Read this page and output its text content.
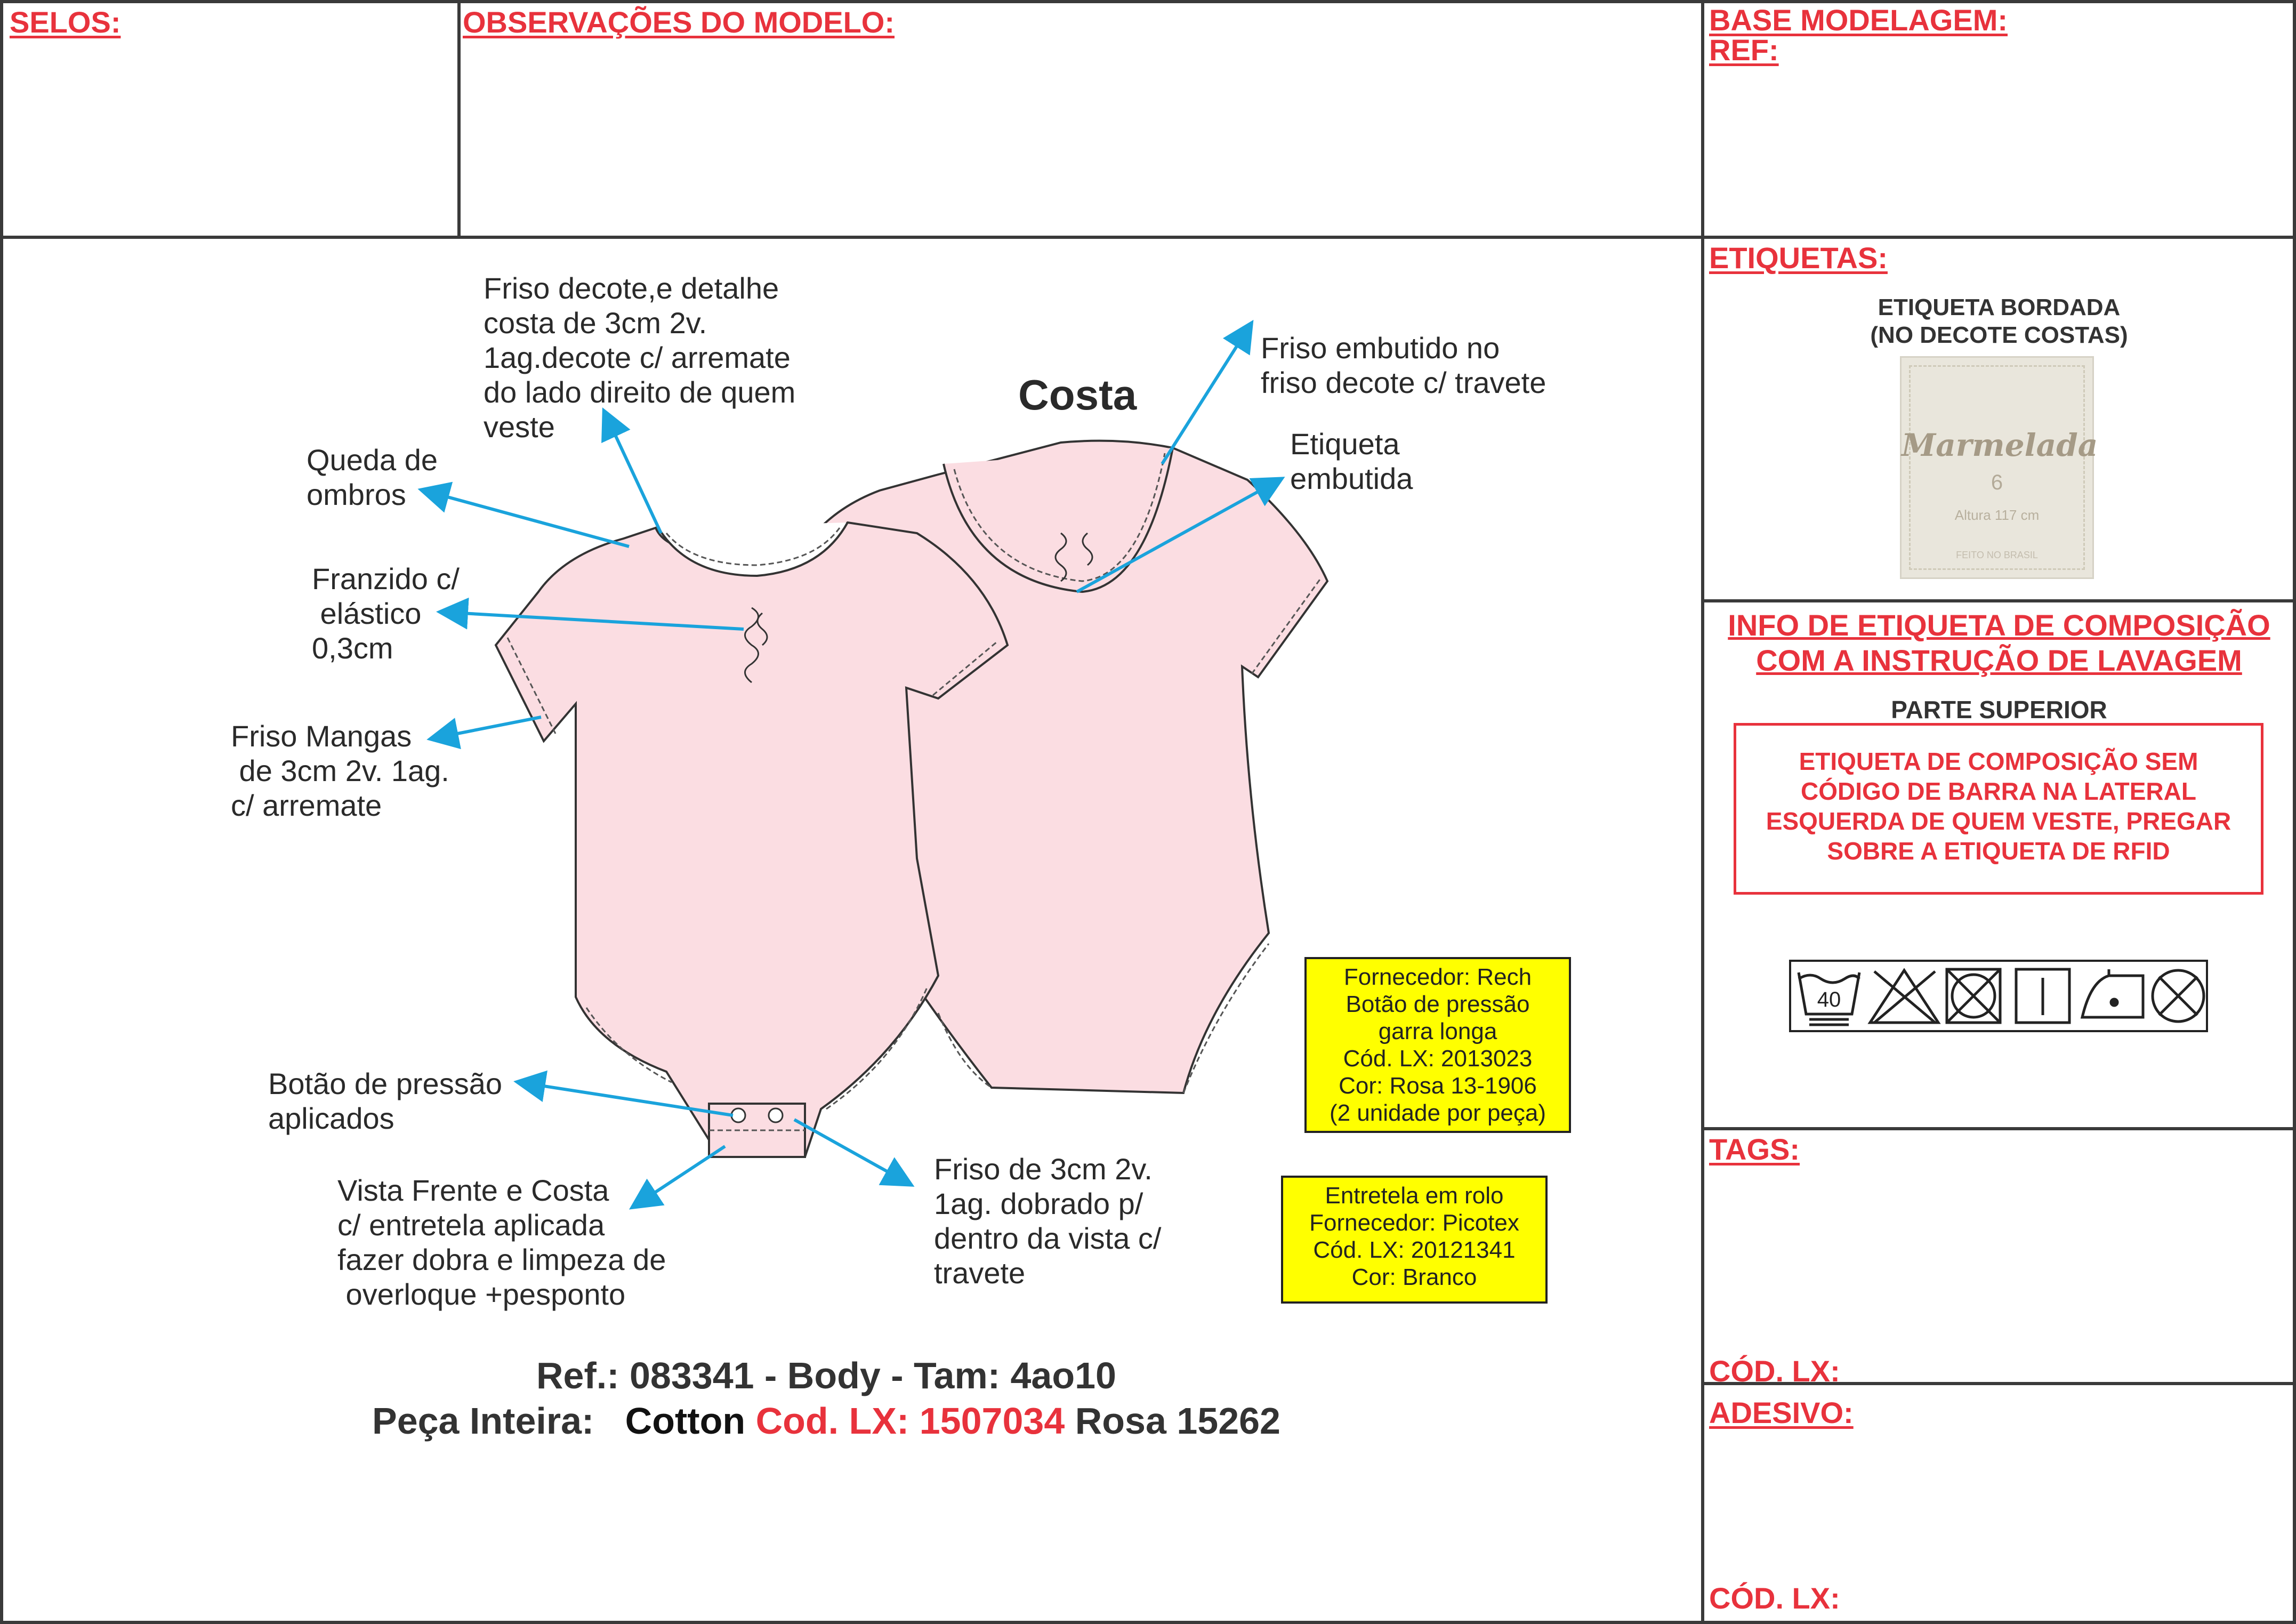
SELOS:	OBSERVAÇÕES DO MODELO:	BASE MODELAGEM:
REF:
ETIQUETAS:
TAGS:
CÓD. LX:
ADESIVO:
CÓD. LX:
ETIQUETA BORDADA
(NO DECOTE COSTAS)
Marmelada
6
Altura 117 cm
FEITO NO BRASIL
INFO DE ETIQUETA DE COMPOSIÇÃO
COM A INSTRUÇÃO DE LAVAGEM
PARTE SUPERIOR
ETIQUETA DE COMPOSIÇÃO SEM
CÓDIGO DE BARRA NA LATERAL
ESQUERDA DE QUEM VESTE, PREGAR
SOBRE A ETIQUETA DE RFID
40
Costa
Friso decote,e detalhe
costa de 3cm 2v.
1ag.decote c/ arremate
do lado direito de quem
veste
Queda de
ombros
Franzido c/
elástico
0,3cm
Friso Mangas
de 3cm 2v. 1ag.
c/ arremate
Botão de pressão
aplicados
Vista Frente e Costa
c/ entretela aplicada
fazer dobra e limpeza de
overloque +pesponto
Friso de 3cm 2v.
1ag. dobrado p/
dentro da vista c/
travete
Friso embutido no
friso decote c/ travete
Etiqueta
embutida
Fornecedor: Rech
Botão de pressão
garra longa
Cód. LX: 2013023
Cor: Rosa 13-1906
(2 unidade por peça)
Entretela em rolo
Fornecedor: Picotex
Cód. LX: 20121341
Cor: Branco
Ref.: 083341 - Body - Tam: 4ao10
Peça Inteira: Cotton Cod. LX: 1507034 Rosa 15262
